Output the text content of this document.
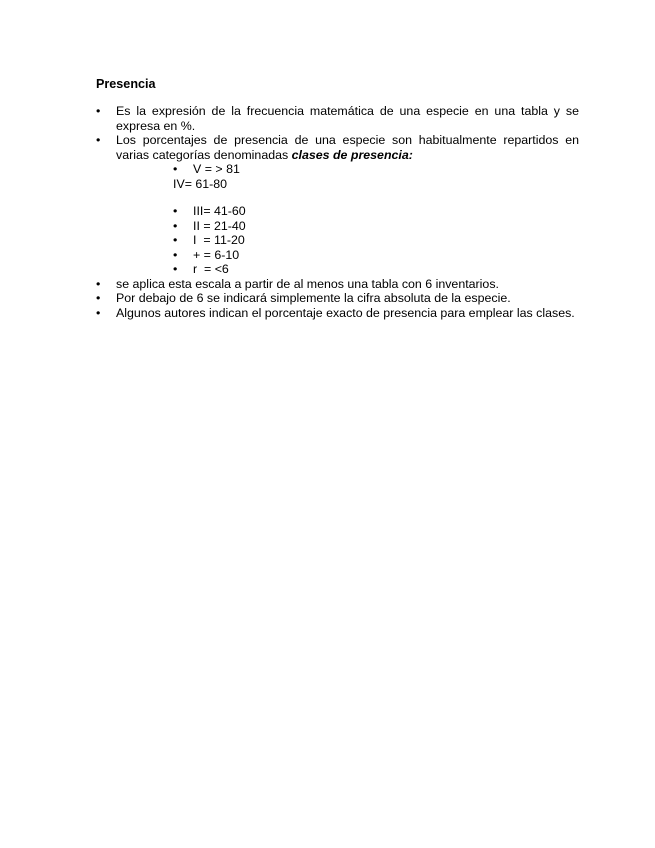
Presencia
• Es la expresión de la frecuencia matemática de una especie en una tabla y se expresa en %.
• Los porcentajes de presencia de una especie son habitualmente repartidos en varias categorías denominadas clases de presencia:
• V = > 81
IV= 61-80
• III= 41-60
• II = 21-40
• I  = 11-20
• + = 6-10
• r  = <6
• se aplica esta escala a partir de al menos una tabla con 6 inventarios.
• Por debajo de 6 se indicará simplemente la cifra absoluta de la especie.
• Algunos autores indican el porcentaje exacto de presencia para emplear las clases.
